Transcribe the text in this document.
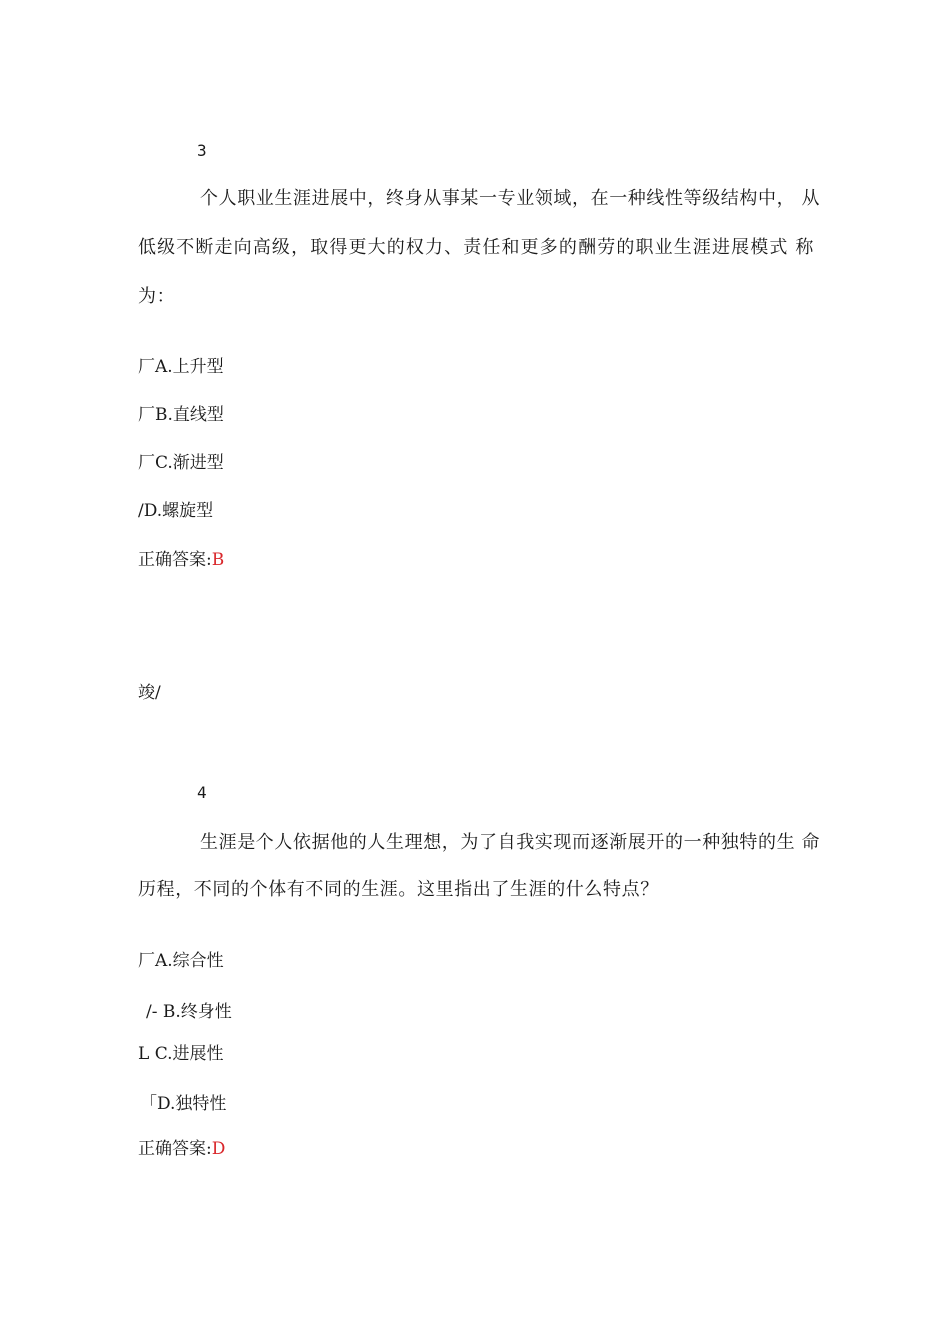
3
个人职业生涯进展中，终身从事某一专业领域，在一种线性等级结构中， 从
低级不断走向高级，取得更大的权力、责任和更多的酬劳的职业生涯进展模式 称
为：
厂A.上升型
厂B.直线型
厂C.渐进型
/D.螺旋型
正确答案:B
竣/
4
生涯是个人依据他的人生理想，为了自我实现而逐渐展开的一种独特的生 命
历程，不同的个体有不同的生涯。这里指出了生涯的什么特点？
厂A.综合性
/- B.终身性
L C.进展性
「D.独特性
正确答案:D
